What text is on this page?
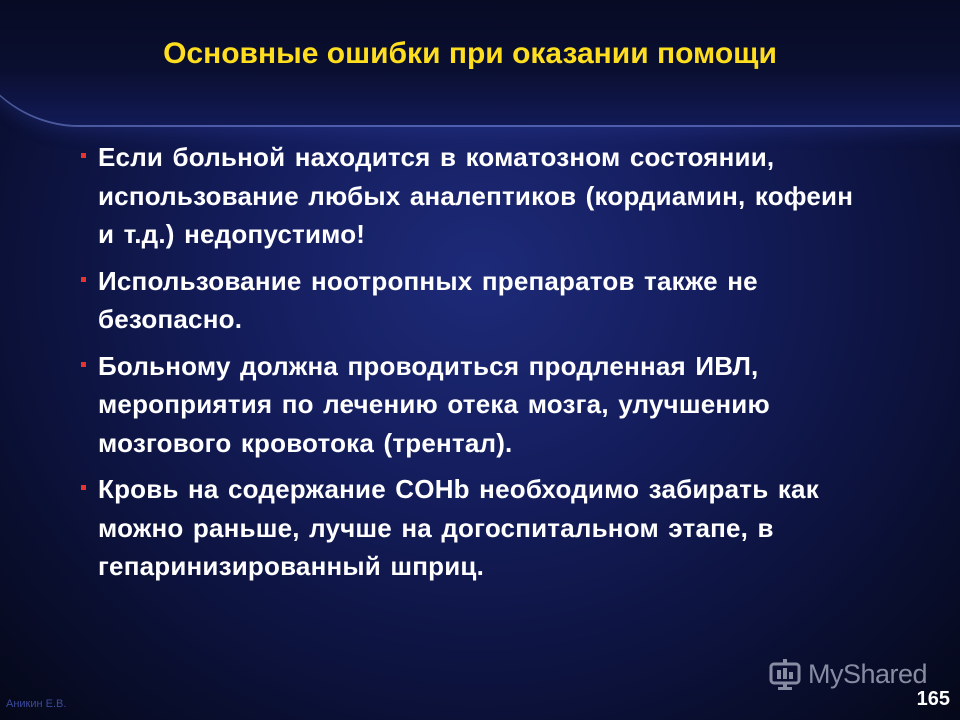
Основные ошибки при оказании помощи
Если больной находится в коматозном состоянии, использование любых аналептиков (кордиамин, кофеин и т.д.) недопустимо!
Использование ноотропных препаратов также не безопасно.
Больному должна проводиться продленная ИВЛ, мероприятия по лечению отека мозга, улучшению мозгового кровотока (трентал).
Кровь на содержание COHb необходимо забирать как можно раньше, лучше на догоспитальном этапе, в гепаринизированный шприц.
Аникин Е.В.
MyShared
165
